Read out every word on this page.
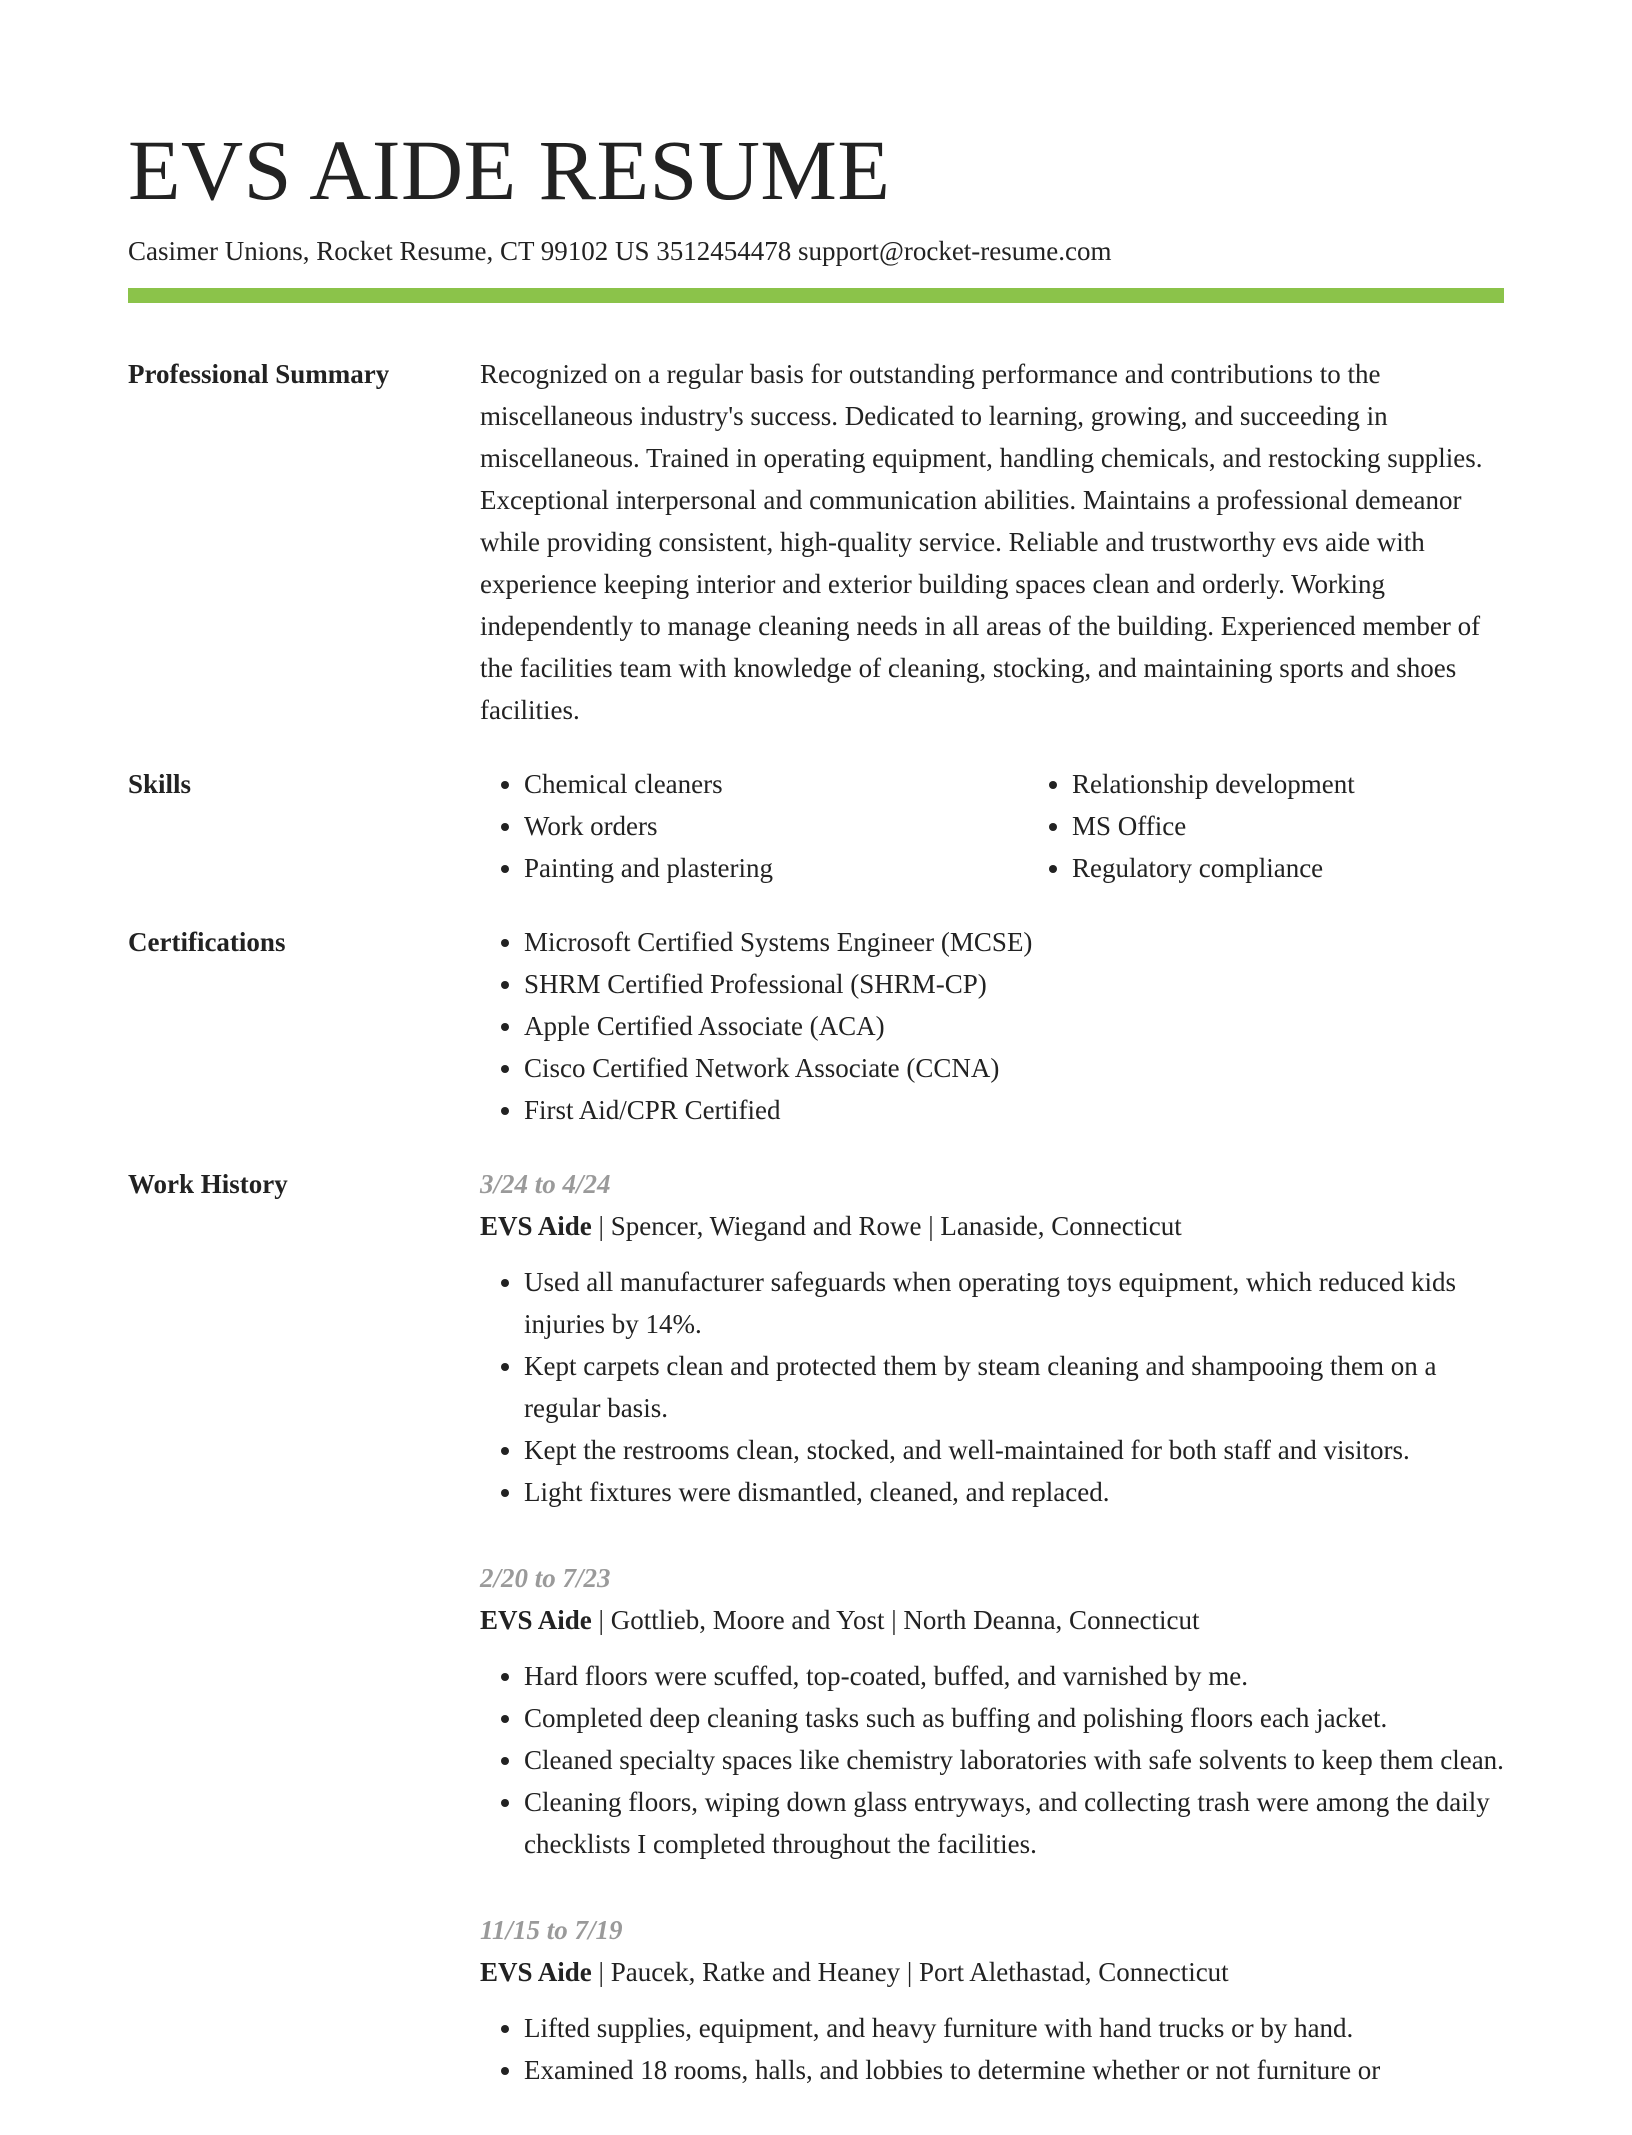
EVS AIDE RESUME
Casimer Unions, Rocket Resume, CT 99102 US 3512454478 support@rocket-resume.com
Professional Summary	Recognized on a regular basis for outstanding performance and contributions to the miscellaneous industry's success. Dedicated to learning, growing, and succeeding in miscellaneous. Trained in operating equipment, handling chemicals, and restocking supplies. Exceptional interpersonal and communication abilities. Maintains a professional demeanor while providing consistent, high-quality service. Reliable and trustworthy evs aide with experience keeping interior and exterior building spaces clean and orderly. Working independently to manage cleaning needs in all areas of the building. Experienced member of the facilities team with knowledge of cleaning, stocking, and maintaining sports and shoes facilities.
Skills	• Chemical cleaners
• Work orders
• Painting and plastering
• Relationship development
• MS Office
• Regulatory compliance
Certifications	• Microsoft Certified Systems Engineer (MCSE)
• SHRM Certified Professional (SHRM-CP)
• Apple Certified Associate (ACA)
• Cisco Certified Network Associate (CCNA)
• First Aid/CPR Certified
Work History	3/24 to 4/24
EVS Aide | Spencer, Wiegand and Rowe | Lanaside, Connecticut
• Used all manufacturer safeguards when operating toys equipment, which reduced kids injuries by 14%.
• Kept carpets clean and protected them by steam cleaning and shampooing them on a regular basis.
• Kept the restrooms clean, stocked, and well-maintained for both staff and visitors.
• Light fixtures were dismantled, cleaned, and replaced.
2/20 to 7/23
EVS Aide | Gottlieb, Moore and Yost | North Deanna, Connecticut
• Hard floors were scuffed, top-coated, buffed, and varnished by me.
• Completed deep cleaning tasks such as buffing and polishing floors each jacket.
• Cleaned specialty spaces like chemistry laboratories with safe solvents to keep them clean.
• Cleaning floors, wiping down glass entryways, and collecting trash were among the daily checklists I completed throughout the facilities.
11/15 to 7/19
EVS Aide | Paucek, Ratke and Heaney | Port Alethastad, Connecticut
• Lifted supplies, equipment, and heavy furniture with hand trucks or by hand.
• Examined 18 rooms, halls, and lobbies to determine whether or not furniture or
